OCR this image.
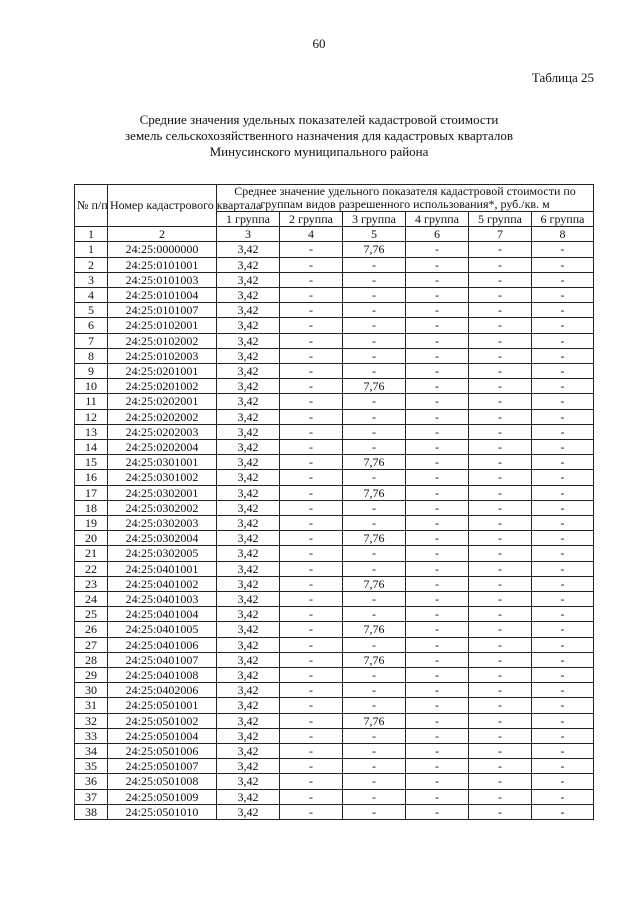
60
Таблица 25
Средние значения удельных показателей кадастровой стоимости
земель сельскохозяйственного назначения для кадастровых кварталов
Минусинского муниципального района
№ п/п	Номер кадастрового квартала	Среднее значение удельного показателя кадастровой стоимости по группам видов разрешенного использования*, руб./кв. м					
		1 группа	2 группа	3 группа	4 группа	5 группа	6 группа
1	2	3	4	5	6	7	8
1	24:25:0000000	3,42	-	7,76	-	-	-
2	24:25:0101001	3,42	-	-	-	-	-
3	24:25:0101003	3,42	-	-	-	-	-
4	24:25:0101004	3,42	-	-	-	-	-
5	24:25:0101007	3,42	-	-	-	-	-
6	24:25:0102001	3,42	-	-	-	-	-
7	24:25:0102002	3,42	-	-	-	-	-
8	24:25:0102003	3,42	-	-	-	-	-
9	24:25:0201001	3,42	-	-	-	-	-
10	24:25:0201002	3,42	-	7,76	-	-	-
11	24:25:0202001	3,42	-	-	-	-	-
12	24:25:0202002	3,42	-	-	-	-	-
13	24:25:0202003	3,42	-	-	-	-	-
14	24:25:0202004	3,42	-	-	-	-	-
15	24:25:0301001	3,42	-	7,76	-	-	-
16	24:25:0301002	3,42	-	-	-	-	-
17	24:25:0302001	3,42	-	7,76	-	-	-
18	24:25:0302002	3,42	-	-	-	-	-
19	24:25:0302003	3,42	-	-	-	-	-
20	24:25:0302004	3,42	-	7,76	-	-	-
21	24:25:0302005	3,42	-	-	-	-	-
22	24:25:0401001	3,42	-	-	-	-	-
23	24:25:0401002	3,42	-	7,76	-	-	-
24	24:25:0401003	3,42	-	-	-	-	-
25	24:25:0401004	3,42	-	-	-	-	-
26	24:25:0401005	3,42	-	7,76	-	-	-
27	24:25:0401006	3,42	-	-	-	-	-
28	24:25:0401007	3,42	-	7,76	-	-	-
29	24:25:0401008	3,42	-	-	-	-	-
30	24:25:0402006	3,42	-	-	-	-	-
31	24:25:0501001	3,42	-	-	-	-	-
32	24:25:0501002	3,42	-	7,76	-	-	-
33	24:25:0501004	3,42	-	-	-	-	-
34	24:25:0501006	3,42	-	-	-	-	-
35	24:25:0501007	3,42	-	-	-	-	-
36	24:25:0501008	3,42	-	-	-	-	-
37	24:25:0501009	3,42	-	-	-	-	-
38	24:25:0501010	3,42	-	-	-	-	-
